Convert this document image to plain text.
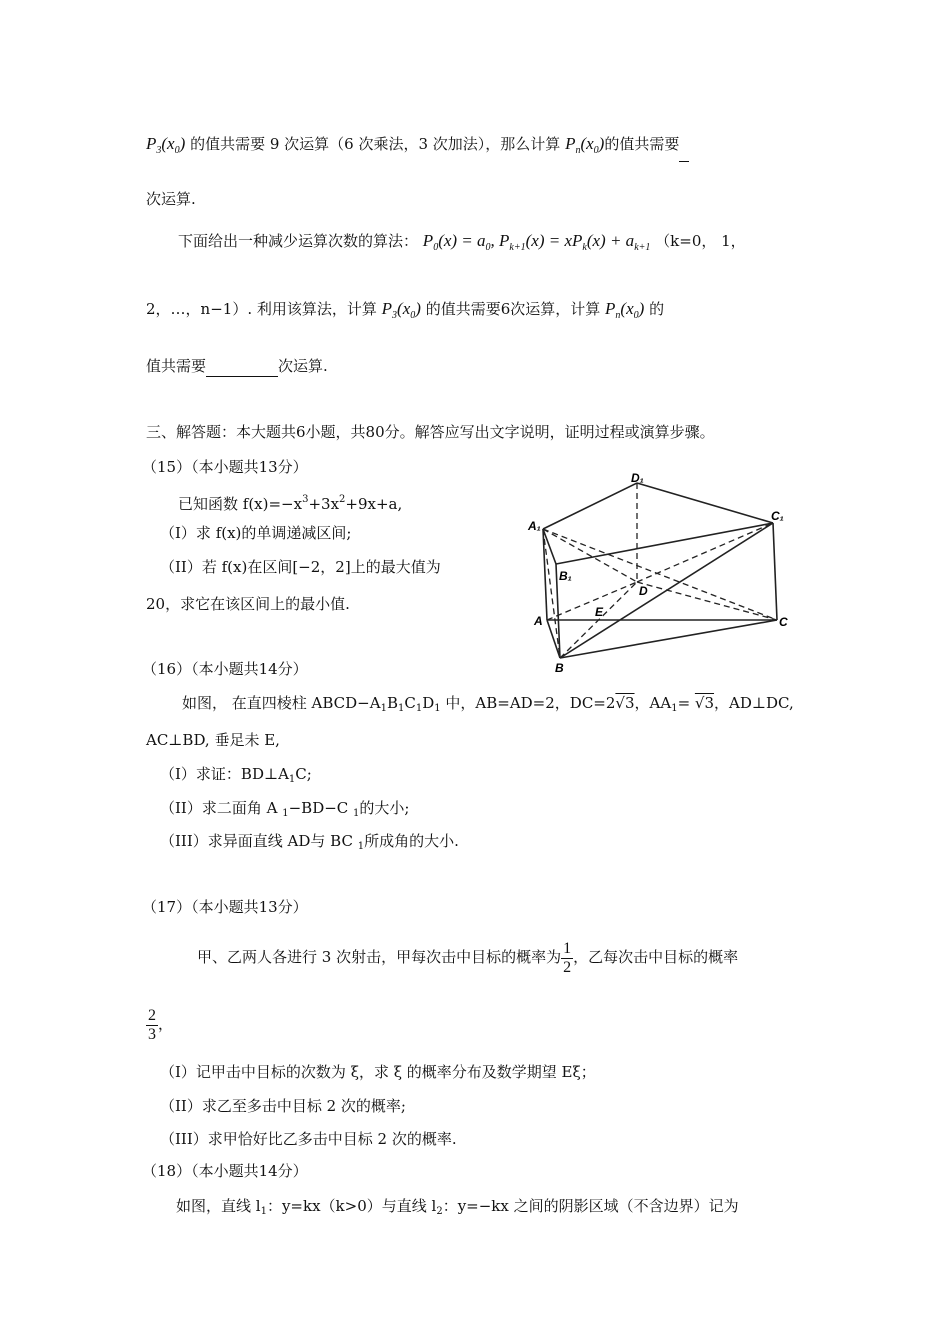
$P_3(x_0)$ 的值共需要 9 次运算（6 次乘法，3 次加法），那么计算 $P_n(x_0)$的值共需要
次运算.
下面给出一种减少运算次数的算法： $P_0(x) = a_0$, $P_{k+1}(x) = xP_k(x) + a_{k+1}$ （k=0， 1，
2，…，n−1）. 利用该算法，计算 $P_3(x_0)$ 的值共需要6次运算，计算 $P_n(x_0)$ 的
值共需要	次运算.
三、解答题：本大题共6小题，共80分。解答应写出文字说明，证明过程或演算步骤。
（15）（本小题共13分）
已知函数 $f(x)=-x^3+3x^2+9x+a$,
（I）求 f(x)的单调递减区间;
（II）若 f(x)在区间[−2，2]上的最大值为
20，求它在该区间上的最小值.
D₁
A₁
C₁
B₁
D
E
A	C
B
（16）（本小题共14分）
如图， 在直四棱柱 $ABCD-A_1B_1C_1D_1$ 中，AB=AD=2，DC=2√3，$AA_1= √3$，AD⊥DC,
AC⊥BD, 垂足未 E,
（I）求证：$BD\perp A_1C$;
（II）求二面角 A $_1$−BD−C $_1$的大小;
（III）求异面直线 AD与 BC $_1$所成角的大小.
（17）（本小题共13分）
甲、乙两人各进行 3 次射击，甲每次击中目标的概率为 $\frac{1}{2}$ ，乙每次击中目标的概率
$\frac{2}{3}$ ，
（I）记甲击中目标的次数为 ξ，求 ξ 的概率分布及数学期望 Eξ；
（II）求乙至多击中目标 2 次的概率;
（III）求甲恰好比乙多击中目标 2 次的概率.
（18）（本小题共14分）
如图，直线 $l_1$：y=kx（k>0）与直线 $l_2$：y=−kx 之间的阴影区域（不含边界）记为
